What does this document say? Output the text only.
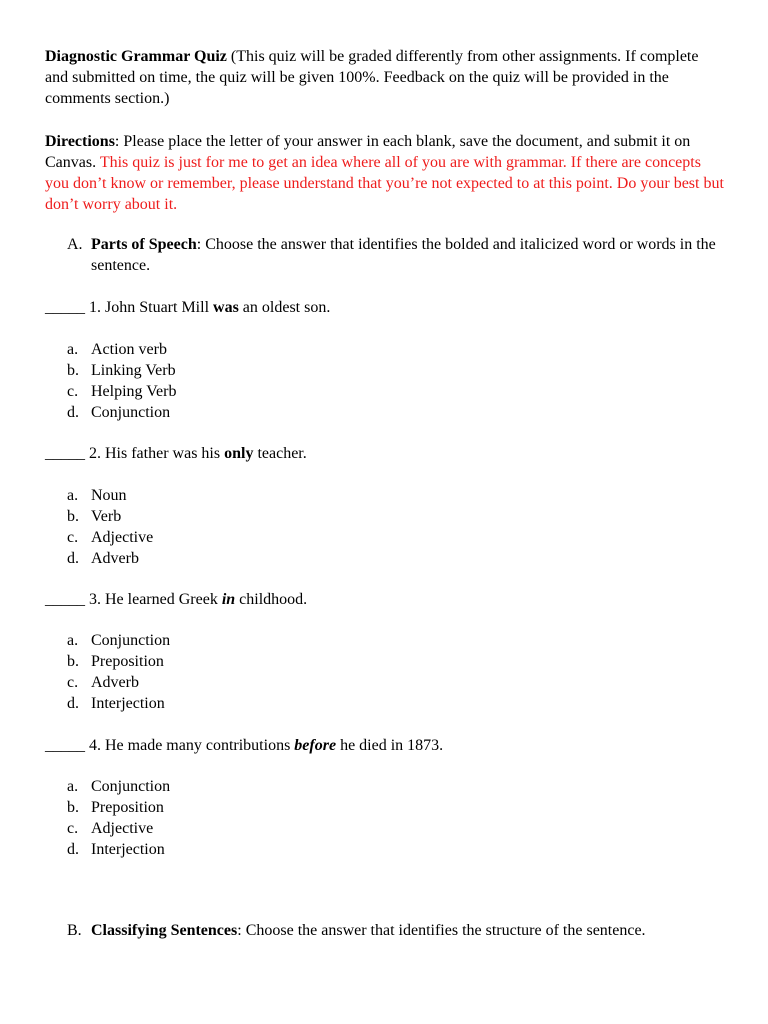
Diagnostic Grammar Quiz (This quiz will be graded differently from other assignments. If complete and submitted on time, the quiz will be given 100%. Feedback on the quiz will be provided in the comments section.)

Directions: Please place the letter of your answer in each blank, save the document, and submit it on Canvas. This quiz is just for me to get an idea where all of you are with grammar. If there are concepts you don’t know or remember, please understand that you’re not expected to at this point. Do your best but don’t worry about it.

A. Parts of Speech: Choose the answer that identifies the bolded and italicized word or words in the sentence.
_____ 1. John Stuart Mill was an oldest son.
a. Action verb
b. Linking Verb
c. Helping Verb
d. Conjunction
_____ 2. His father was his only teacher.
a. Noun
b. Verb
c. Adjective
d. Adverb
_____ 3. He learned Greek in childhood.
a. Conjunction
b. Preposition
c. Adverb
d. Interjection
_____ 4. He made many contributions before he died in 1873.
a. Conjunction
b. Preposition
c. Adjective
d. Interjection
B. Classifying Sentences: Choose the answer that identifies the structure of the sentence.
